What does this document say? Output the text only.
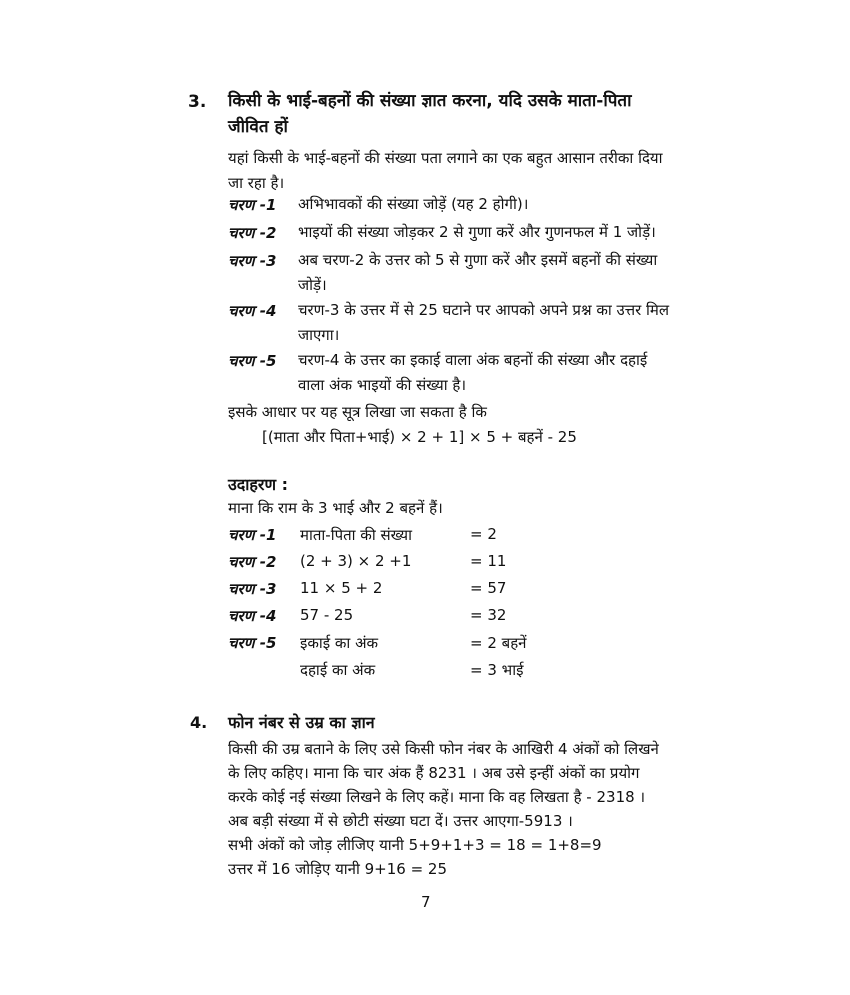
3. किसी के भाई-बहनों की संख्या ज्ञात करना, यदि उसके माता-पिता जीवित हों
यहां किसी के भाई-बहनों की संख्या पता लगाने का एक बहुत आसान तरीका दिया जा रहा है।
चरण -1 अभिभावकों की संख्या जोड़ें (यह 2 होगी)।
चरण -2 भाइयों की संख्या जोड़कर 2 से गुणा करें और गुणनफल में 1 जोड़ें।
चरण -3 अब चरण-2 के उत्तर को 5 से गुणा करें और इसमें बहनों की संख्या जोड़ें।
चरण -4 चरण-3 के उत्तर में से 25 घटाने पर आपको अपने प्रश्न का उत्तर मिल जाएगा।
चरण -5 चरण-4 के उत्तर का इकाई वाला अंक बहनों की संख्या और दहाई वाला अंक भाइयों की संख्या है।
इसके आधार पर यह सूत्र लिखा जा सकता है कि
[(माता और पिता+भाई) × 2 + 1] × 5 + बहनें - 25
उदाहरण :
माना कि राम के 3 भाई और 2 बहनें हैं।
चरण -1 माता-पिता की संख्या	= 2
चरण -2 (2 + 3) × 2 +1	= 11
चरण -3 11 × 5 + 2	= 57
चरण -4 57 - 25	= 32
चरण -5 इकाई का अंक	= 2 बहनें
दहाई का अंक	= 3 भाई
4. फोन नंबर से उम्र का ज्ञान
किसी की उम्र बताने के लिए उसे किसी फोन नंबर के आखिरी 4 अंकों को लिखने
के लिए कहिए। माना कि चार अंक हैं 8231 । अब उसे इन्हीं अंकों का प्रयोग
करके कोई नई संख्या लिखने के लिए कहें। माना कि वह लिखता है - 2318 ।
अब बड़ी संख्या में से छोटी संख्या घटा दें। उत्तर आएगा-5913 ।
सभी अंकों को जोड़ लीजिए यानी 5+9+1+3 = 18 = 1+8=9
उत्तर में 16 जोड़िए यानी 9+16 = 25
7
